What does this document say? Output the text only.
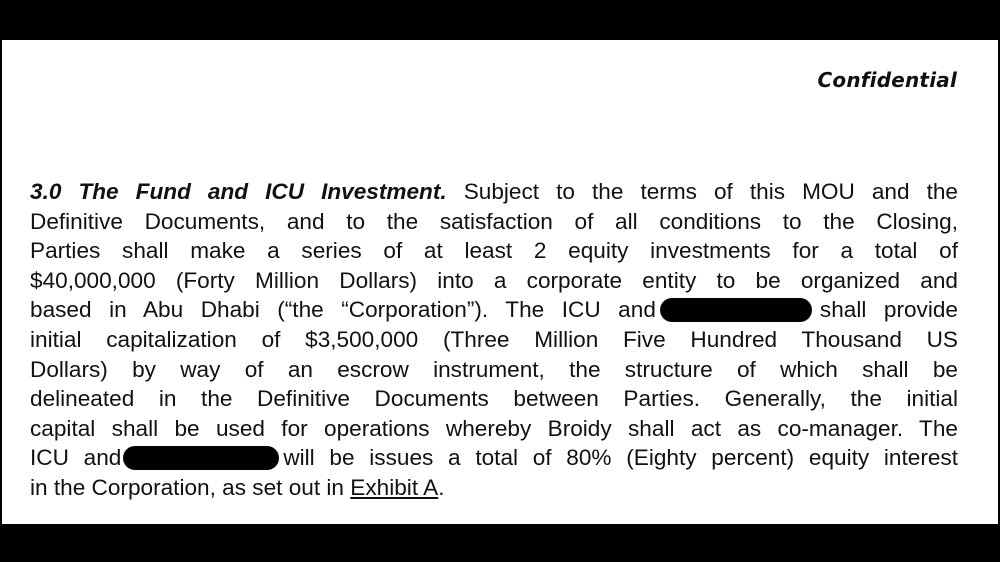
Confidential
3.0 The Fund and ICU Investment. Subject to the terms of this MOU and the
Definitive Documents, and to the satisfaction of all conditions to the Closing,
Parties shall make a series of at least 2 equity investments for a total of
$40,000,000 (Forty Million Dollars) into a corporate entity to be organized and
based in Abu Dhabi (“the “Corporation”). The ICU and	shall provide
initial capitalization of $3,500,000 (Three Million Five Hundred Thousand US
Dollars) by way of an escrow instrument, the structure of which shall be
delineated in the Definitive Documents between Parties. Generally, the initial
capital shall be used for operations whereby Broidy shall act as co-manager. The
ICU and	will be issues a total of 80% (Eighty percent) equity interest
in the Corporation, as set out in Exhibit A.
